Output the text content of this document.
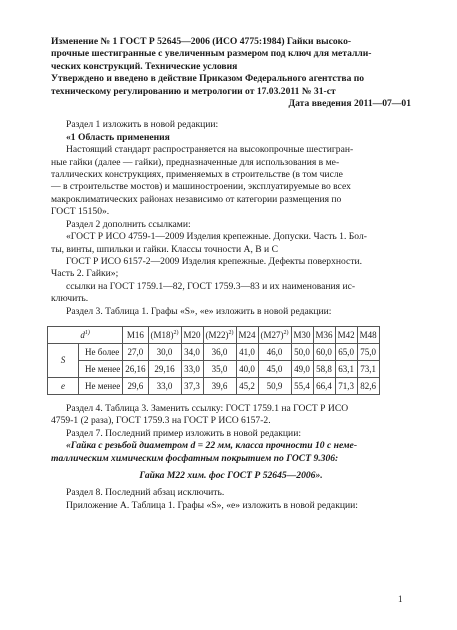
Изменение № 1 ГОСТ Р 52645—2006 (ИСО 4775:1984) Гайки высоко-
прочные шестигранные с увеличенным размером под ключ для металли-
ческих конструкций. Технические условия
Утверждено и введено в действие Приказом Федерального агентства по
техническому регулированию и метрологии от 17.03.2011 № 31-ст
Дата введения 2011—07—01

Раздел 1 изложить в новой редакции:

«1 Область применения

Настоящий стандарт распространяется на высокопрочные шестигран-

ные гайки (далее — гайки), предназначенные для использования в ме-

таллических конструкциях, применяемых в строительстве (в том числе

— в строительстве мостов) и машиностроении, эксплуатируемые во всех

макроклиматических районах независимо от категории размещения по

ГОСТ 15150».

Раздел 2 дополнить ссылками:

«ГОСТ Р ИСО 4759-1—2009 Изделия крепежные. Допуски. Часть 1. Бол-

ты, винты, шпильки и гайки. Классы точности A, B и C

ГОСТ Р ИСО 6157-2—2009 Изделия крепежные. Дефекты поверхности.

Часть 2. Гайки»;

ссылки на ГОСТ 1759.1—82, ГОСТ 1759.3—83 и их наименования ис-

ключить.

Раздел 3. Таблица 1. Графы «S», «е» изложить в новой редакции:

$d^{1)}$		M16	$(M18)^{2)}$	M20	$(M22)^{2)}$	M24	$(M27)^{2)}$	M30	M36	M42	M48
S	Не более	27,0	30,0	34,0	36,0	41,0	46,0	50,0	60,0	65,0	75,0
	Не менее	26,16	29,16	33,0	35,0	40,0	45,0	49,0	58,8	63,1	73,1
e	Не менее	29,6	33,0	37,3	39,6	45,2	50,9	55,4	66,4	71,3	82,6

Раздел 4. Таблица 3. Заменить ссылку: ГОСТ 1759.1 на ГОСТ Р ИСО

4759-1 (2 раза), ГОСТ 1759.3 на ГОСТ Р ИСО 6157-2.

Раздел 7. Последний пример изложить в новой редакции:

«Гайка с резьбой диаметром d = 22 мм, класса прочности 10 с неме-

таллическим химическим фосфатным покрытием по ГОСТ 9.306:

Гайка М22 хим. фос ГОСТ Р 52645—2006».

Раздел 8. Последний абзац исключить.

Приложение А. Таблица 1. Графы «S», «е» изложить в новой редакции:

1
